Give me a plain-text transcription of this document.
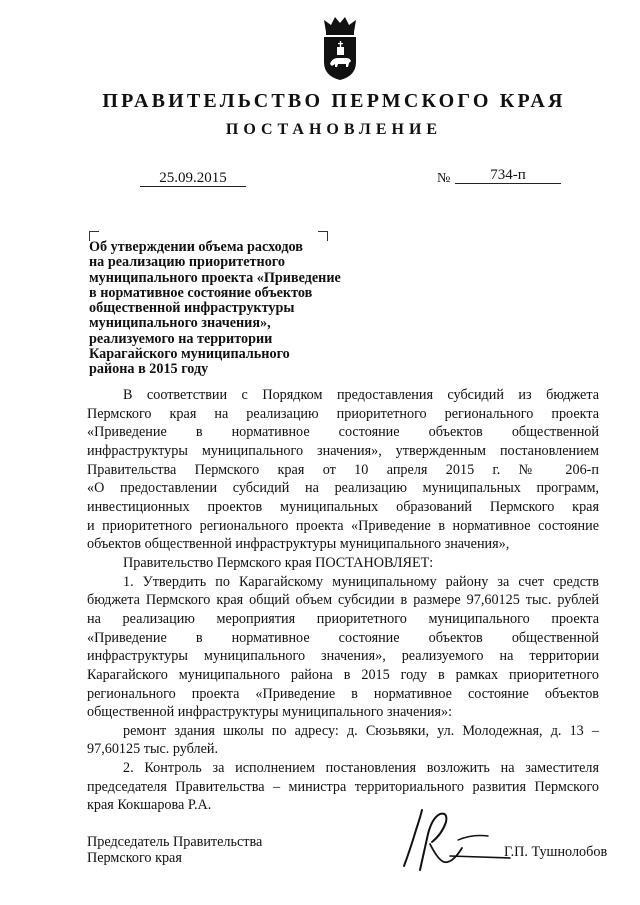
ПРАВИТЕЛЬСТВО ПЕРМСКОГО КРАЯ
ПОСТАНОВЛЕНИЕ
25.09.2015	№	734-п
Об утверждении объема расходов
на реализацию приоритетного
муниципального проекта «Приведение
в нормативное состояние объектов
общественной инфраструктуры
муниципального значения»,
реализуемого на территории
Карагайского муниципального
района в 2015 году
В соответствии с Порядком предоставления субсидий из бюджета
Пермского края на реализацию приоритетного регионального проекта
«Приведение в нормативное состояние объектов общественной
инфраструктуры муниципального значения», утвержденным постановлением
Правительства Пермского края от 10 апреля 2015 г. № 206-п
«О предоставлении субсидий на реализацию муниципальных программ,
инвестиционных проектов муниципальных образований Пермского края
и приоритетного регионального проекта «Приведение в нормативное состояние
объектов общественной инфраструктуры муниципального значения»,
Правительство Пермского края ПОСТАНОВЛЯЕТ:
1. Утвердить по Карагайскому муниципальному району за счет средств
бюджета Пермского края общий объем субсидии в размере 97,60125 тыс. рублей
на реализацию мероприятия приоритетного муниципального проекта
«Приведение в нормативное состояние объектов общественной
инфраструктуры муниципального значения», реализуемого на территории
Карагайского муниципального района в 2015 году в рамках приоритетного
регионального проекта «Приведение в нормативное состояние объектов
общественной инфраструктуры муниципального значения»:
ремонт здания школы по адресу: д. Сюзьвяки, ул. Молодежная, д. 13 –
97,60125 тыс. рублей.
2. Контроль за исполнением постановления возложить на заместителя
председателя Правительства – министра территориального развития Пермского
края Кокшарова Р.А.
Председатель Правительства
Пермского края	Г.П. Тушнолобов
